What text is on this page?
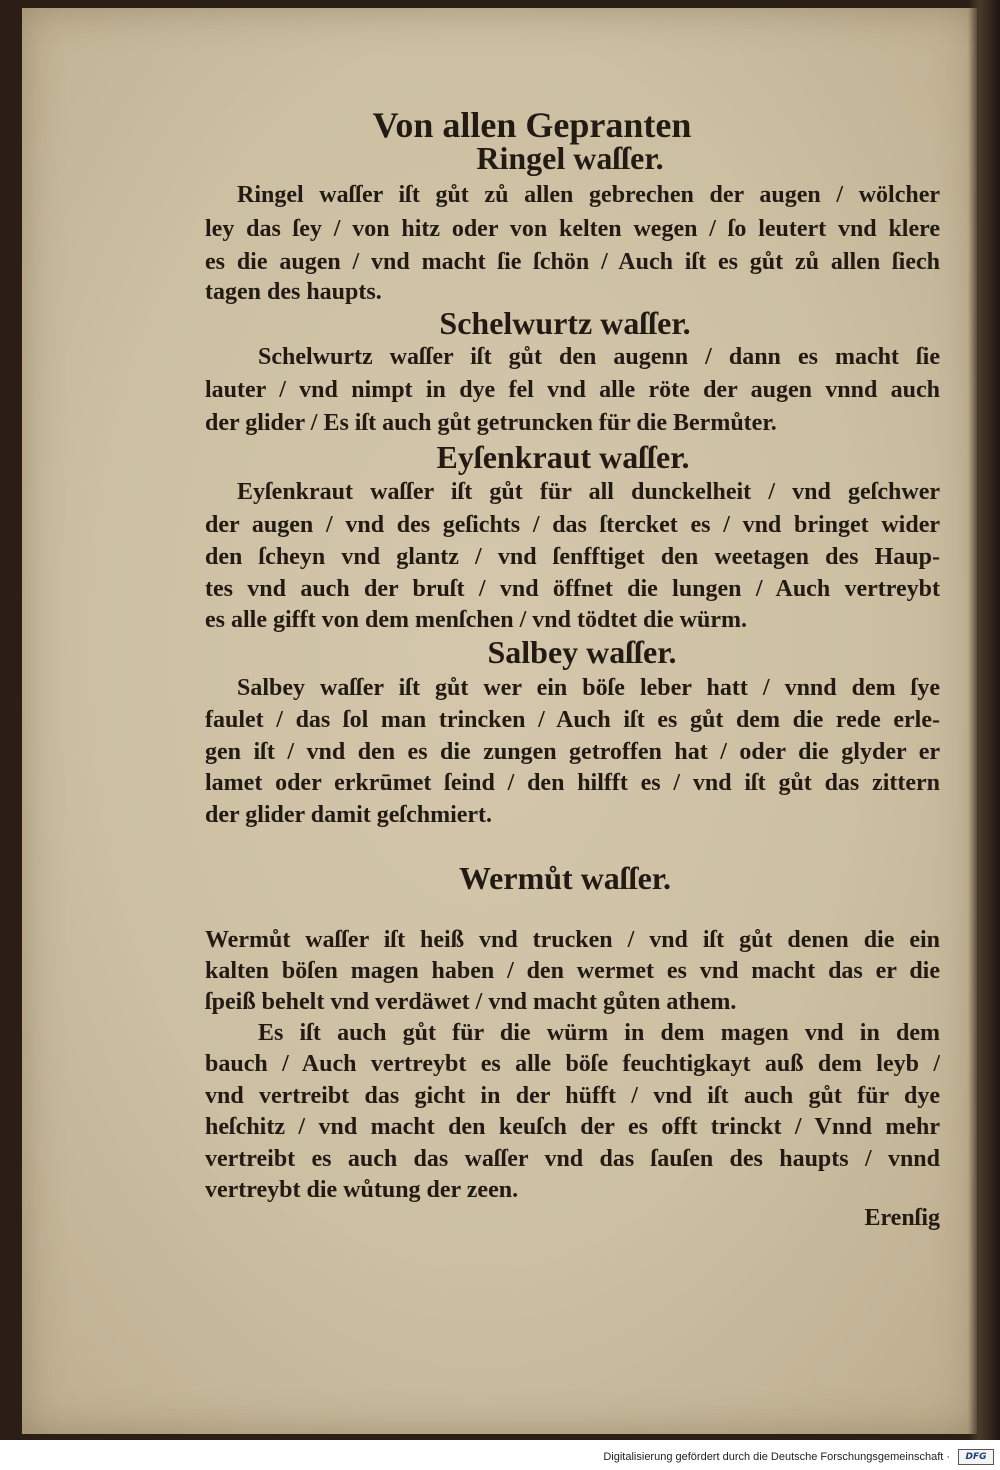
Von allen Gepranten
Ringel waſſer.
Ringel waſſer iſt gůt zů allen gebrechen der augen / wölcher
ley das ſey / von hitz oder von kelten wegen / ſo leutert vnd klere
es die augen / vnd macht ſie ſchön / Auch iſt es gůt zů allen ſiech
tagen des haupts.
Schelwurtz waſſer.
Schelwurtz waſſer iſt gůt den augenn / dann es macht ſie
lauter / vnd nimpt in dye fel vnd alle röte der augen vnnd auch
der glider / Es iſt auch gůt getruncken für die Bermůter.
Eyſenkraut waſſer.
Eyſenkraut waſſer iſt gůt für all dunckelheit / vnd geſchwer
der augen / vnd des geſichts / das ſtercket es / vnd bringet wider
den ſcheyn vnd glantz / vnd ſenfftiget den weetagen des Haup-
tes vnd auch der bruſt / vnd öffnet die lungen / Auch vertreybt
es alle gifft von dem menſchen / vnd tödtet die würm.
Salbey waſſer.
Salbey waſſer iſt gůt wer ein böſe leber hatt / vnnd dem ſye
faulet / das ſol man trincken / Auch iſt es gůt dem die rede erle-
gen iſt / vnd den es die zungen getroffen hat / oder die glyder er
lamet oder erkrūmet ſeind / den hilfft es / vnd iſt gůt das zittern
der glider damit geſchmiert.
Wermůt waſſer.
Wermůt waſſer iſt heiß vnd trucken / vnd iſt gůt denen die ein
kalten böſen magen haben / den wermet es vnd macht das er die
ſpeiß behelt vnd verdäwet / vnd macht gůten athem.
Es iſt auch gůt für die würm in dem magen vnd in dem
bauch / Auch vertreybt es alle böſe feuchtigkayt auß dem leyb /
vnd vertreibt das gicht in der hüfft / vnd iſt auch gůt für dye
heſchitz / vnd macht den keuſch der es offt trinckt / Vnnd mehr
vertreibt es auch das waſſer vnd das ſauſen des haupts / vnnd
vertreybt die wůtung der zeen.
Erenſig
Digitalisierung gefördert durch die Deutsche Forschungsgemeinschaft ·	DFG
